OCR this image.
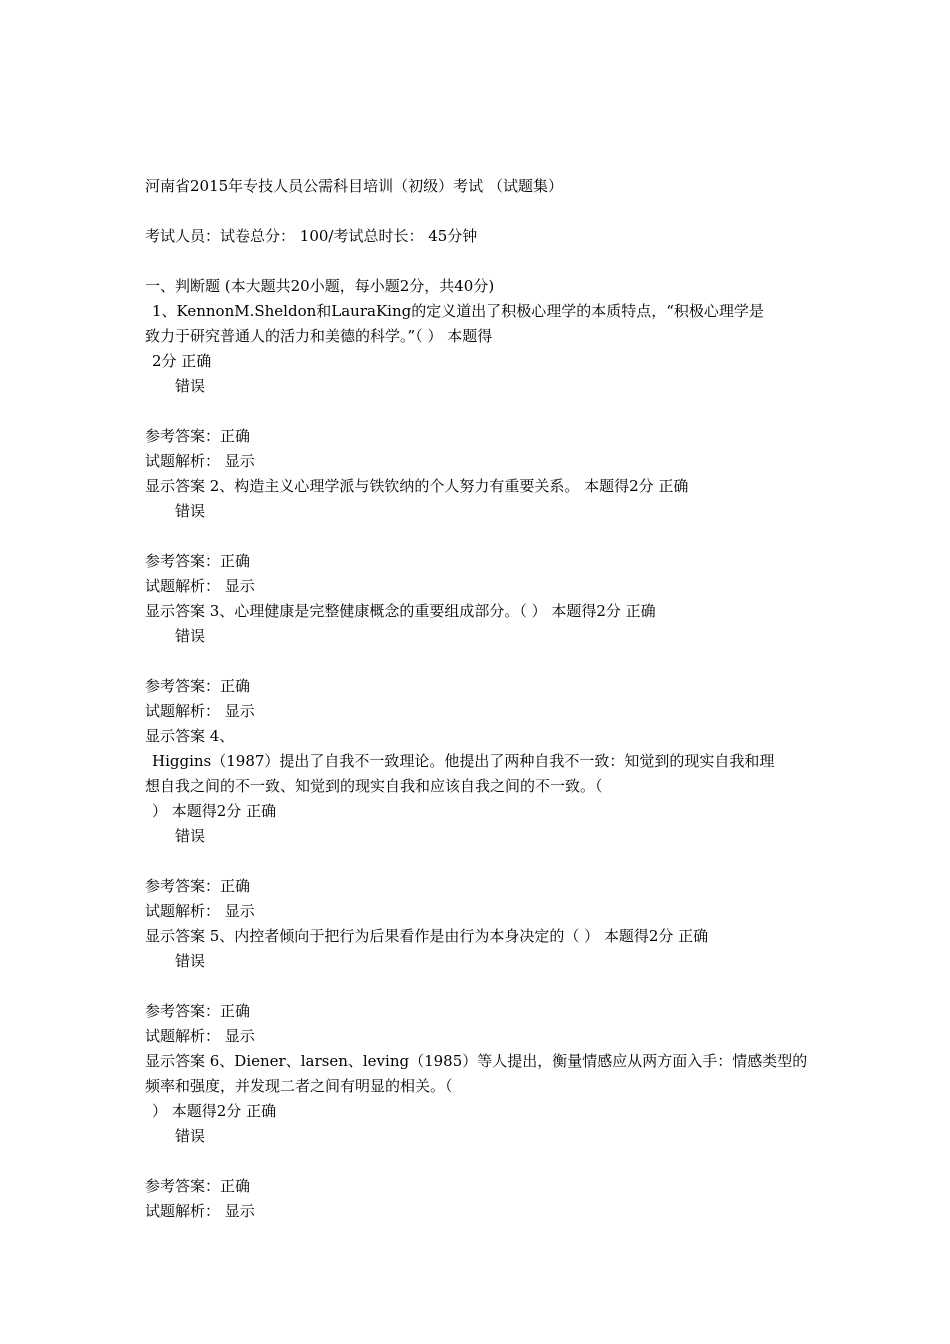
河南省2015年专技人员公需科目培训（初级）考试 （试题集）
考试人员：试卷总分： 100/考试总时长： 45分钟
一、判断题 (本大题共20小题，每小题2分，共40分)
1、KennonM.Sheldon和LauraKing的定义道出了积极心理学的本质特点，“积极心理学是
致力于研究普通人的活力和美德的科学。”（ ） 本题得
2分 正确
错误
参考答案：正确
试题解析： 显示
显示答案 2、构造主义心理学派与铁钦纳的个人努力有重要关系。 本题得2分 正确
错误
参考答案：正确
试题解析： 显示
显示答案 3、心理健康是完整健康概念的重要组成部分。（ ） 本题得2分 正确
错误
参考答案：正确
试题解析： 显示
显示答案 4、
Higgins（1987）提出了自我不一致理论。他提出了两种自我不一致：知觉到的现实自我和理
想自我之间的不一致、知觉到的现实自我和应该自我之间的不一致。（
） 本题得2分 正确
错误
参考答案：正确
试题解析： 显示
显示答案 5、内控者倾向于把行为后果看作是由行为本身决定的（ ） 本题得2分 正确
错误
参考答案：正确
试题解析： 显示
显示答案 6、Diener、larsen、leving（1985）等人提出，衡量情感应从两方面入手：情感类型的
频率和强度，并发现二者之间有明显的相关。（
） 本题得2分 正确
错误
参考答案：正确
试题解析： 显示
